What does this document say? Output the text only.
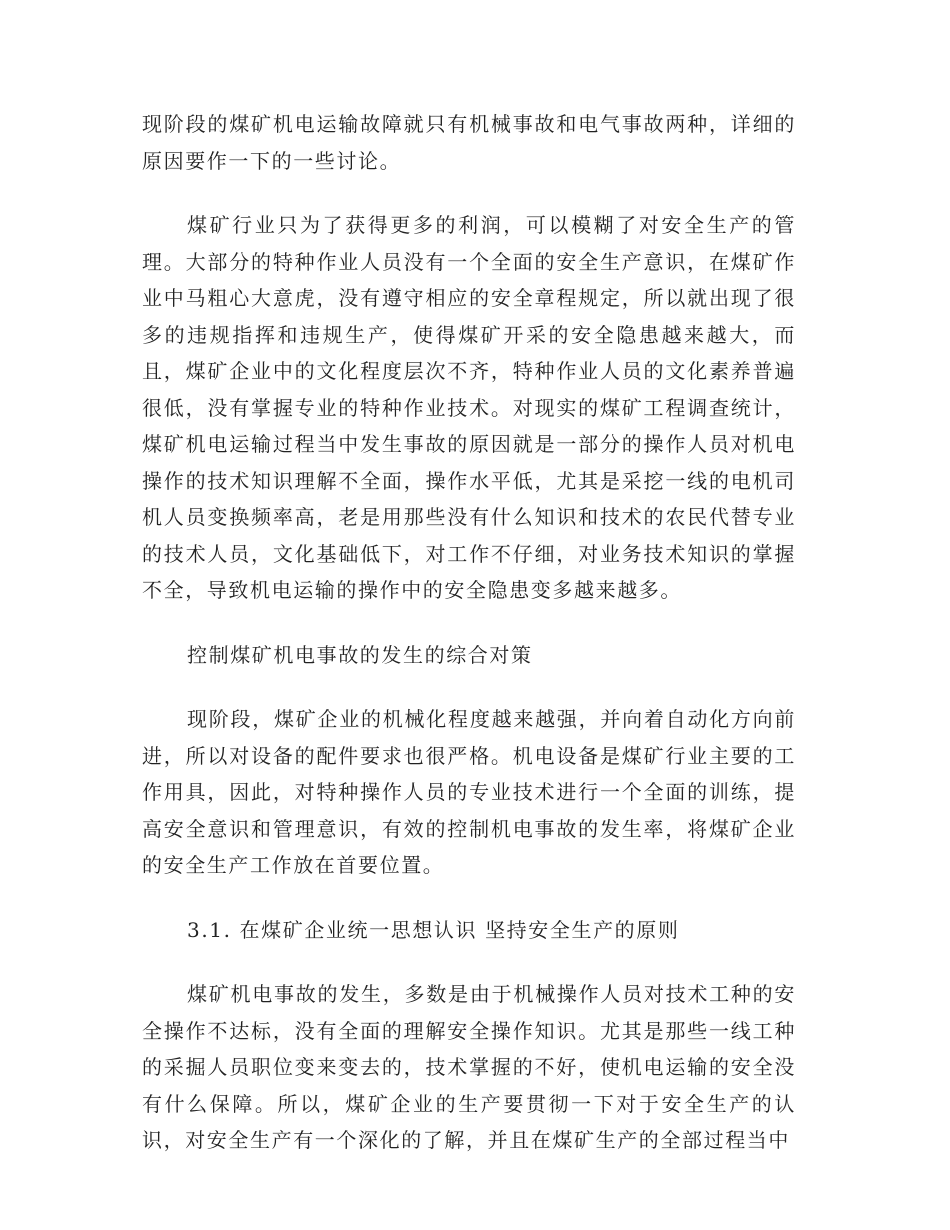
现阶段的煤矿机电运输故障就只有机械事故和电气事故两种，详细的原因要作一下的一些讨论。

煤矿行业只为了获得更多的利润，可以模糊了对安全生产的管理。大部分的特种作业人员没有一个全面的安全生产意识，在煤矿作业中马粗心大意虎，没有遵守相应的安全章程规定，所以就出现了很多的违规指挥和违规生产，使得煤矿开采的安全隐患越来越大，而且，煤矿企业中的文化程度层次不齐，特种作业人员的文化素养普遍很低，没有掌握专业的特种作业技术。对现实的煤矿工程调查统计，煤矿机电运输过程当中发生事故的原因就是一部分的操作人员对机电操作的技术知识理解不全面，操作水平低，尤其是采挖一线的电机司机人员变换频率高，老是用那些没有什么知识和技术的农民代替专业的技术人员，文化基础低下，对工作不仔细，对业务技术知识的掌握不全，导致机电运输的操作中的安全隐患变多越来越多。

控制煤矿机电事故的发生的综合对策

现阶段，煤矿企业的机械化程度越来越强，并向着自动化方向前进，所以对设备的配件要求也很严格。机电设备是煤矿行业主要的工作用具，因此，对特种操作人员的专业技术进行一个全面的训练，提高安全意识和管理意识，有效的控制机电事故的发生率，将煤矿企业的安全生产工作放在首要位置。

3.1. 在煤矿企业统一思想认识 坚持安全生产的原则

煤矿机电事故的发生，多数是由于机械操作人员对技术工种的安全操作不达标，没有全面的理解安全操作知识。尤其是那些一线工种的采掘人员职位变来变去的，技术掌握的不好，使机电运输的安全没有什么保障。所以，煤矿企业的生产要贯彻一下对于安全生产的认识，对安全生产有一个深化的了解，并且在煤矿生产的全部过程当中
